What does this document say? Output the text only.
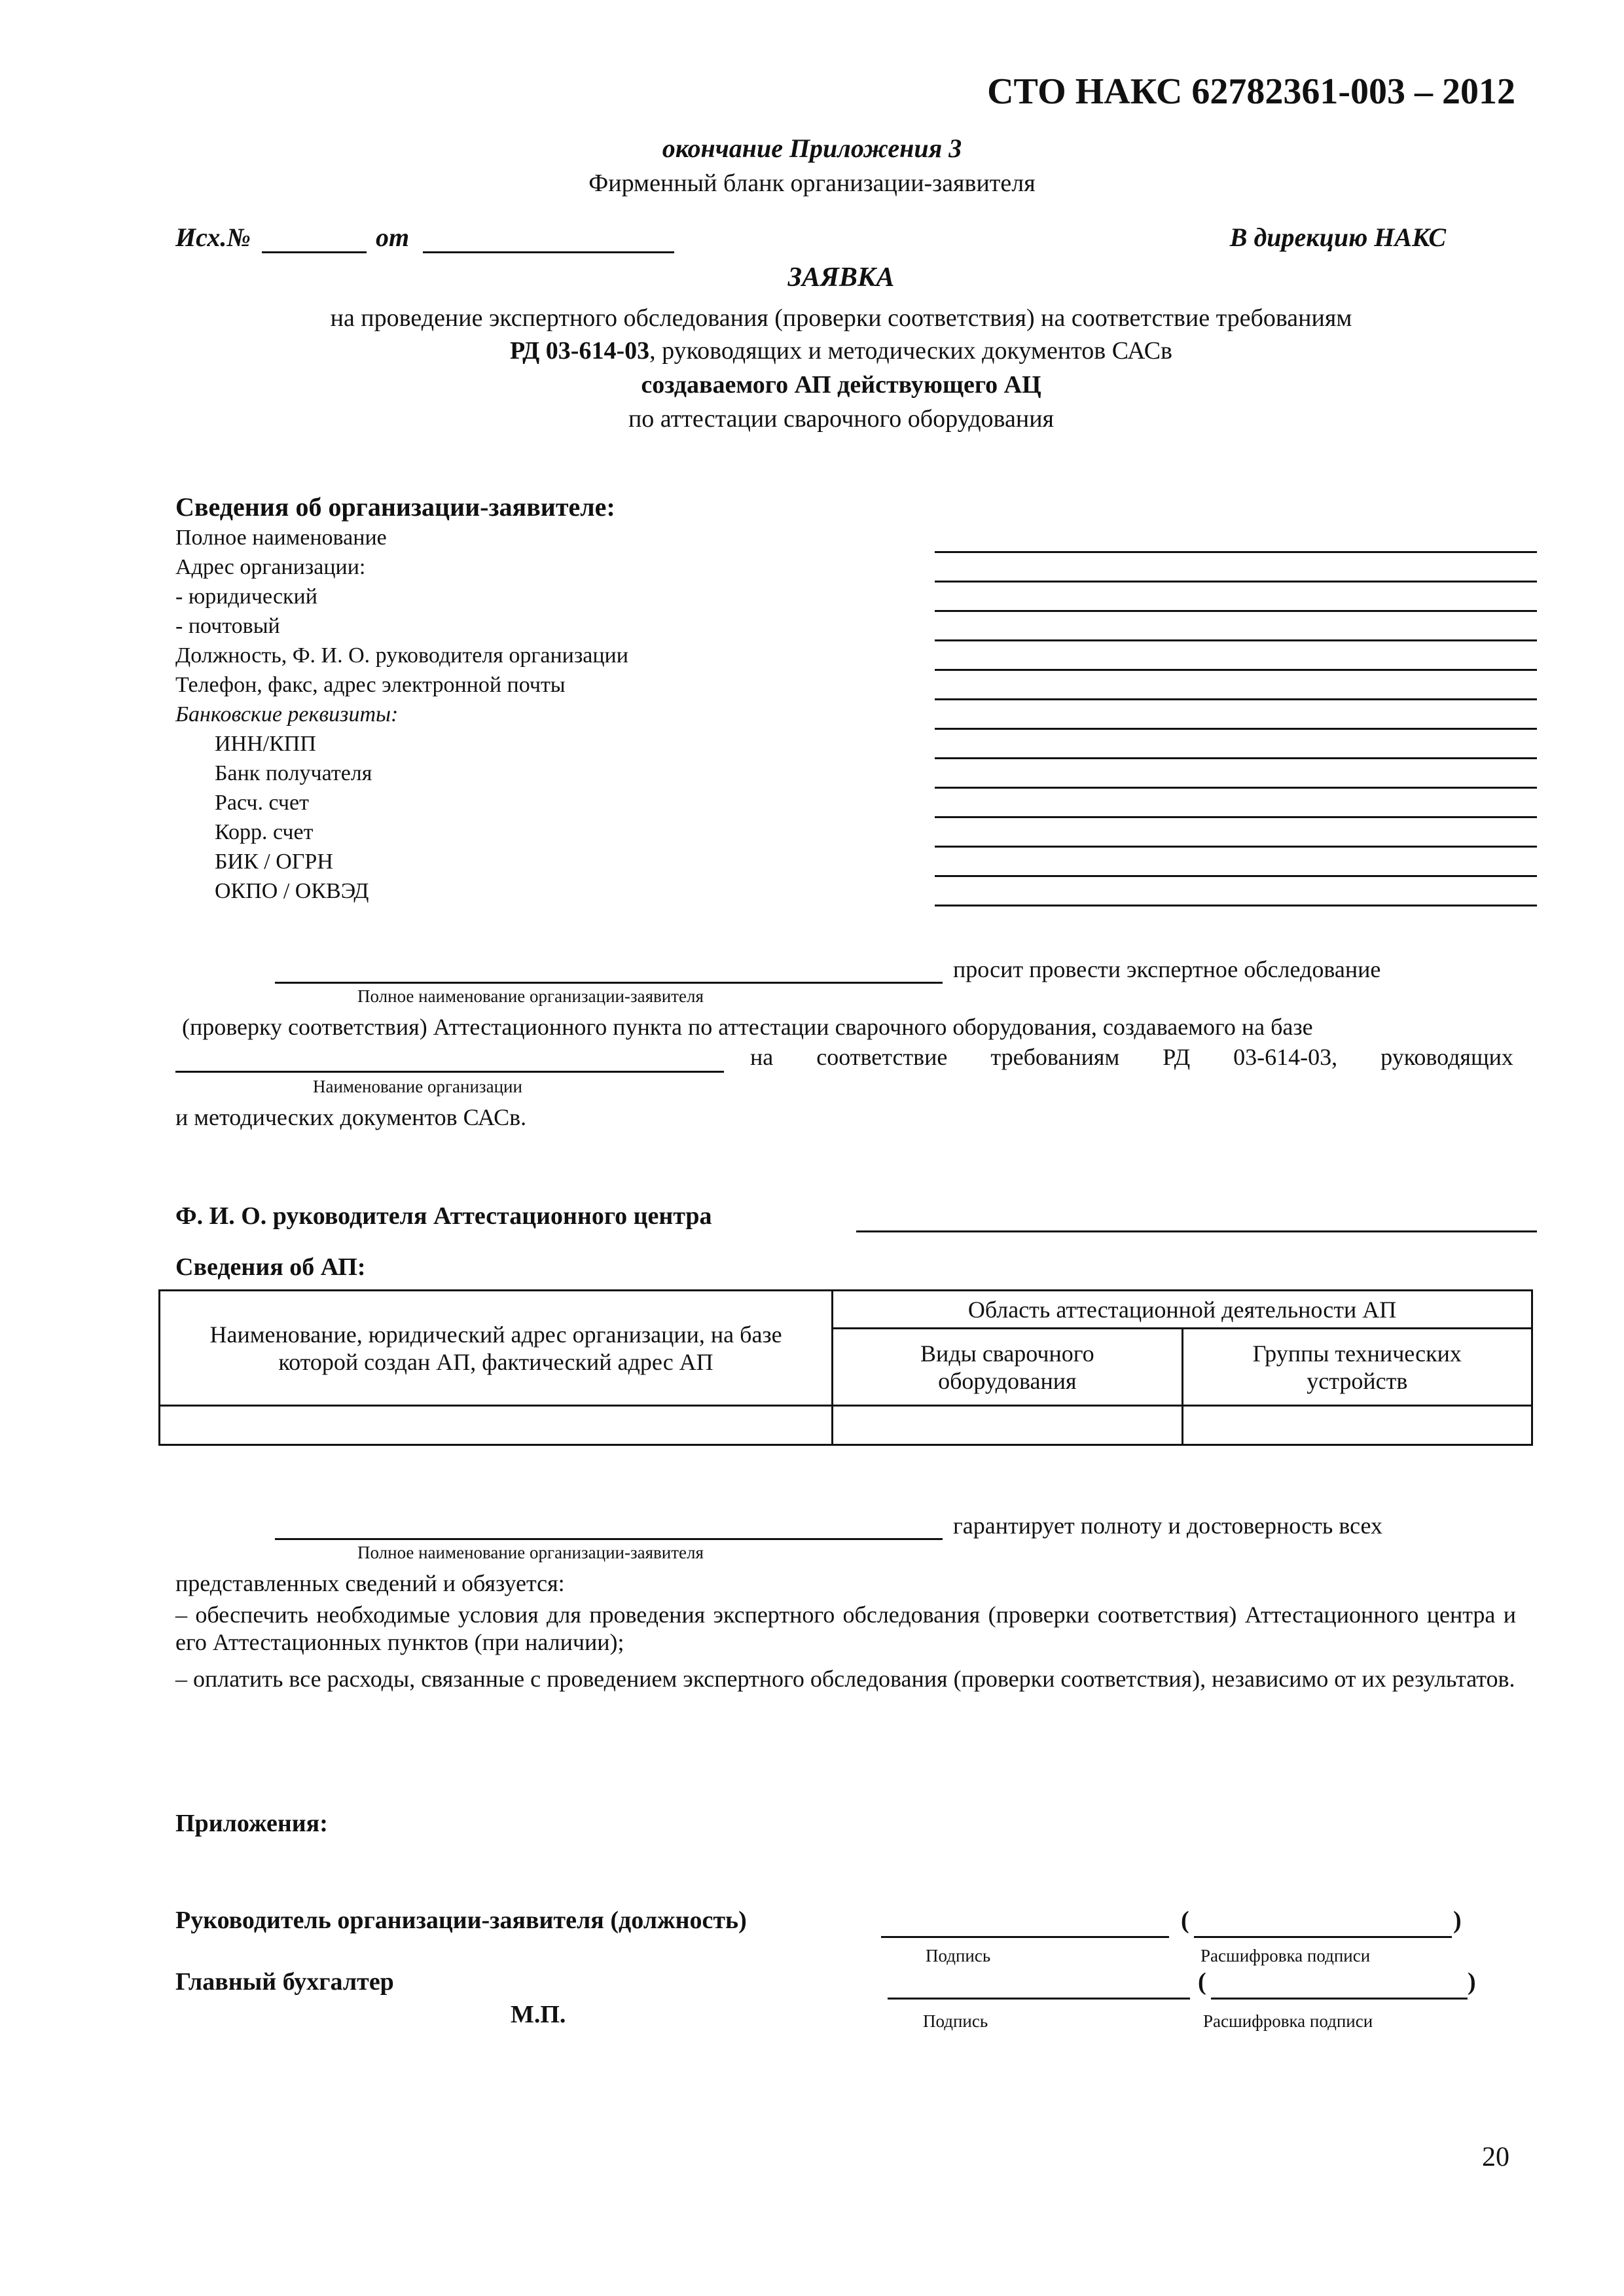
СТО НАКС 62782361-003 – 2012
окончание Приложения 3
Фирменный бланк организации-заявителя
Исх.№	от	В дирекцию НАКС
ЗАЯВКА
на проведение экспертного обследования (проверки соответствия) на соответствие требованиям
РД 03-614-03, руководящих и методических документов САСв
создаваемого АП действующего АЦ
по аттестации сварочного оборудования
Сведения об организации-заявителе:
Полное наименование
Адрес организации:
- юридический
- почтовый
Должность, Ф. И. О. руководителя организации
Телефон, факс, адрес электронной почты
Банковские реквизиты:
ИНН/КПП
Банк получателя
Расч. счет
Корр. счет
БИК / ОГРН
ОКПО / ОКВЭД
просит провести экспертное обследование
Полное наименование организации-заявителя
(проверку соответствия) Аттестационного пункта по аттестации сварочного оборудования, создаваемого на базе
на соответствие требованиям РД 03-614-03, руководящих
Наименование организации
и методических документов САСв.
Ф. И. О. руководителя Аттестационного центра
Сведения об АП:
Наименование, юридический адрес организации, на базе которой создан АП, фактический адрес АП	Область аттестационной деятельности АП	
	Виды сварочного оборудования	Группы технических устройств

гарантирует полноту и достоверность всех
Полное наименование организации-заявителя
представленных сведений и обязуется:
– обеспечить необходимые условия для проведения экспертного обследования (проверки соответствия) Аттестационного центра и его Аттестационных пунктов (при наличии);
– оплатить все расходы, связанные с проведением экспертного обследования (проверки соответствия), независимо от их результатов.
Приложения:
Руководитель организации-заявителя (должность)	(	)
Подпись	Расшифровка подписи
Главный бухгалтер	(	)
М.П.	Подпись	Расшифровка подписи
20
